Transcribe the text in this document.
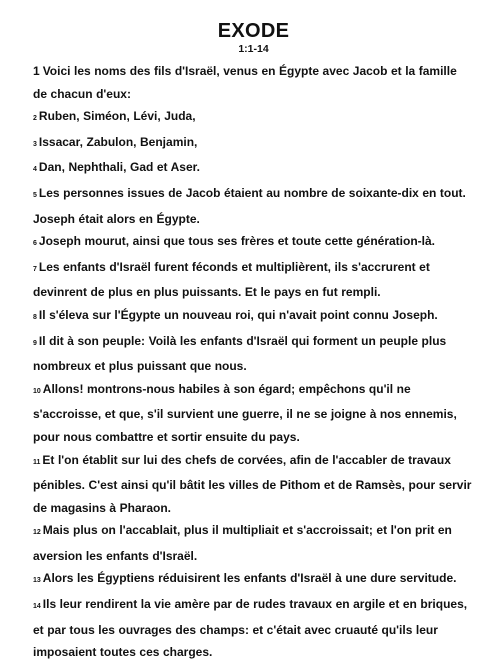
EXODE
1:1-14

1 Voici les noms des fils d'Israël, venus en Égypte avec Jacob et la famille de chacun d'eux:

2 Ruben, Siméon, Lévi, Juda,

3 Issacar, Zabulon, Benjamin,

4 Dan, Nephthali, Gad et Aser.

5 Les personnes issues de Jacob étaient au nombre de soixante-dix en tout. Joseph était alors en Égypte.

6 Joseph mourut, ainsi que tous ses frères et toute cette génération-là.

7 Les enfants d'Israël furent féconds et multiplièrent, ils s'accrurent et devinrent de plus en plus puissants. Et le pays en fut rempli.

8 Il s'éleva sur l'Égypte un nouveau roi, qui n'avait point connu Joseph.

9 Il dit à son peuple: Voilà les enfants d'Israël qui forment un peuple plus nombreux et plus puissant que nous.

10 Allons! montrons-nous habiles à son égard; empêchons qu'il ne s'accroisse, et que, s'il survient une guerre, il ne se joigne à nos ennemis, pour nous combattre et sortir ensuite du pays.

11 Et l'on établit sur lui des chefs de corvées, afin de l'accabler de travaux pénibles. C'est ainsi qu'il bâtit les villes de Pithom et de Ramsès, pour servir de magasins à Pharaon.

12 Mais plus on l'accablait, plus il multipliait et s'accroissait; et l'on prit en aversion les enfants d'Israël.

13 Alors les Égyptiens réduisirent les enfants d'Israël à une dure servitude.

14 Ils leur rendirent la vie amère par de rudes travaux en argile et en briques, et par tous les ouvrages des champs: et c'était avec cruauté qu'ils leur imposaient toutes ces charges.
